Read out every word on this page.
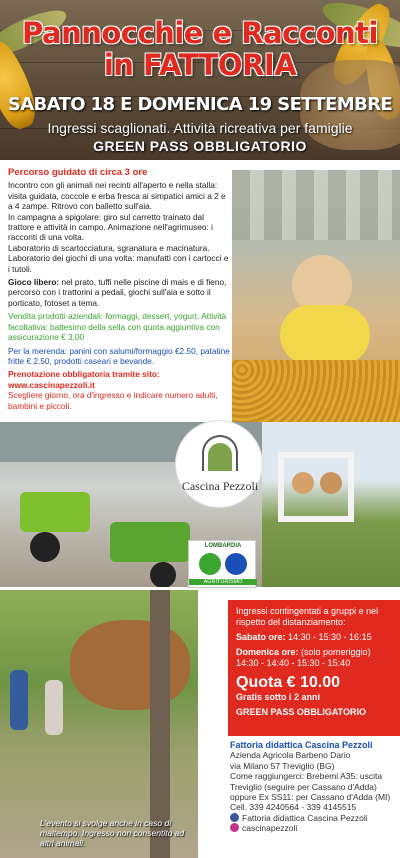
Pannocchie e Racconti
in FATTORIA
SABATO 18 E DOMENICA 19 SETTEMBRE
Ingressi scaglionati. Attività ricreativa per famiglie
GREEN PASS OBBLIGATORIO

Percorso guidato di circa 3 ore

Incontro con gli animali nei recinti all'aperto e nella stalla: visita guidata, coccole e erba fresca ai simpatici amici a 2 e a 4 zampe. Ritrovo con balletto sull'aia.

In campagna a spigolare: giro sul carretto trainato dal trattore e attività in campo. Animazione nell'agrimuseo: i racconti di una volta.

Laboratorio di scartocciatura, sgranatura e macinatura. Laboratorio dei giochi di una volta: manufatti con i cartocci e i tutoli.

Gioco libero: nel prato, tuffi nelle piscine di mais e di fieno, percorso con i trattorini a pedali, giochi sull'aia e sotto il porticato, fotoset a tema.

Vendita prodotti aziendali: formaggi, dessert, yogurt. Attività facoltativa: battesimo della sella con quota aggiuntiva con assicurazione € 3,00

Per la merenda: panini con salumi/formaggio €2.50, patatine fritte € 2.50, prodotti caseari e bevande.

Prenotazione obbligatoria tramite sito:

www.cascinapezzoli.it

Scegliere giorno, ora d'ingresso e indicare numero adulti, bambini e piccoli.

Cascina Pezzoli
LOMBARDIA
AGRITURISMO

Ingressi contingentati a gruppi e nel rispetto del distanziamento:

Sabato ore: 14:30 - 15:30 - 16:15

Domenica ore: (solo pomeriggio)

14:30 - 14:40 - 15:30 - 15:40

Quota € 10.00

Gratis sotto i 2 anni

GREEN PASS OBBLIGATORIO

Fattoria didattica Cascina Pezzoli
Azienda Agricola Barbeno Dario
via Milano 57 Treviglio (BG)
Come raggiungerci: Brebemi A35: uscita Treviglio (seguire per Cassano d'Adda)
oppure Ex SS11: per Cassano d'Adda (MI)
Cell. 339 4240564 - 339 4145515
Fattoria didattica Cascina Pezzoli
cascinapezzoli
L'evento si svolge anche in caso di maltempo. Ingresso non consentito ad altri animali.
